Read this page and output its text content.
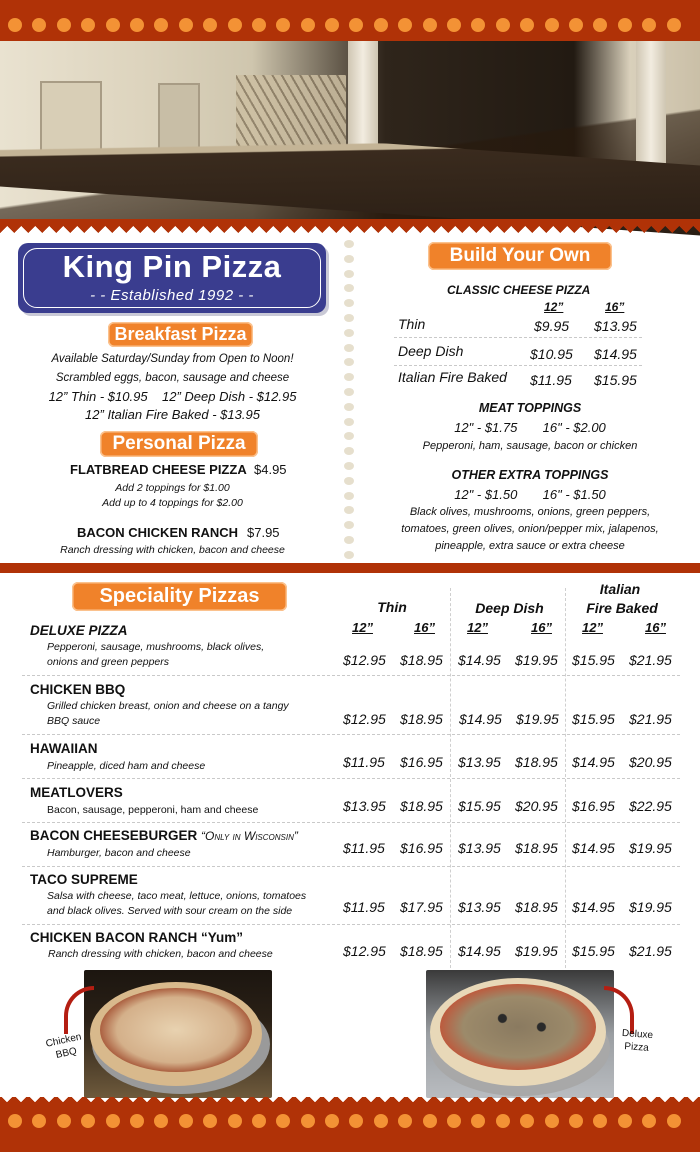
King Pin Pizza
- - Established 1992 - -
Breakfast Pizza
Available Saturday/Sunday from Open to Noon!
Scrambled eggs, bacon, sausage and cheese
12” Thin - $10.95    12” Deep Dish - $12.95
12” Italian Fire Baked - $13.95
Personal Pizza
FLATBREAD CHEESE PIZZA $4.95
Add 2 toppings for $1.00
Add up to 4 toppings for $2.00
BACON CHICKEN RANCH $7.95
Ranch dressing with chicken, bacon and cheese
Build Your Own
CLASSIC CHEESE PIZZA
12”	16”
Thin	$9.95 $13.95
Deep Dish	$10.95 $14.95
Italian Fire Baked $11.95 $15.95
MEAT TOPPINGS
12" - $1.75       16" - $2.00
Pepperoni, ham, sausage, bacon or chicken
OTHER EXTRA TOPPINGS
12" - $1.50       16" - $1.50
Black olives, mushrooms, onions, green peppers,
tomatoes, green olives, onion/pepper mix, jalapenos,
pineapple, extra sauce or extra cheese
Speciality Pizzas	Thin	Deep Dish
Italian
Fire Baked
12”	16” 12”	16” 12”	16”
DELUXE PIZZA
Pepperoni, sausage, mushrooms, black olives, onions and green peppers	$12.95 $18.95 $14.95 $19.95 $15.95 $21.95
CHICKEN BBQ
Grilled chicken breast, onion and cheese on a tangy BBQ sauce	$12.95 $18.95 $14.95 $19.95 $15.95 $21.95
HAWAIIAN
Pineapple, diced ham and cheese	$11.95 $16.95 $13.95 $18.95 $14.95 $20.95
MEATLOVERS
Bacon, sausage, pepperoni, ham and cheese	$13.95 $18.95 $15.95 $20.95 $16.95 $22.95
BACON CHEESEBURGER “Only in Wisconsin”
Hamburger, bacon and cheese	$11.95 $16.95 $13.95 $18.95 $14.95 $19.95
TACO SUPREME
Salsa with cheese, taco meat, lettuce, onions, tomatoes and black olives. Served with sour cream on the side	$11.95 $17.95 $13.95 $18.95 $14.95 $19.95
CHICKEN BACON RANCH “Yum”
Ranch dressing with chicken, bacon and cheese	$12.95 $18.95 $14.95 $19.95 $15.95 $21.95
Chicken
BBQ
Deluxe
Pizza
